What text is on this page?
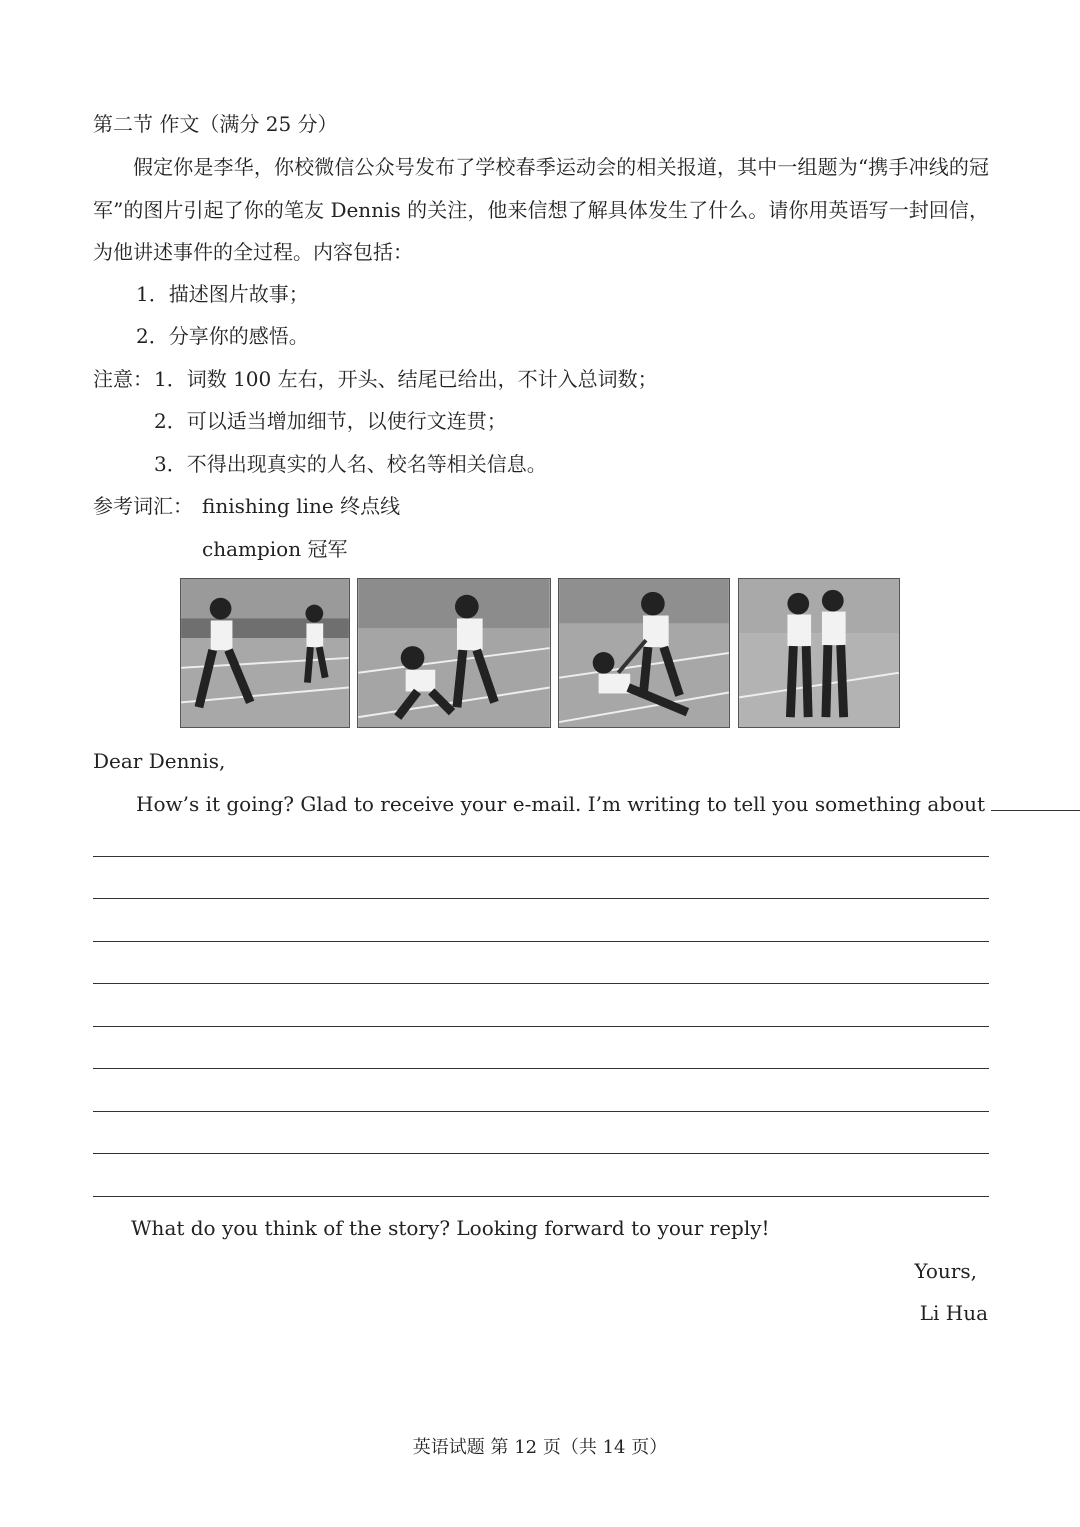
第二节 作文（满分 25 分）
假定你是李华，你校微信公众号发布了学校春季运动会的相关报道，其中一组题为“携手冲线的冠军”的图片引起了你的笔友 Dennis 的关注，他来信想了解具体发生了什么。请你用英语写一封回信，为他讲述事件的全过程。内容包括：
1．描述图片故事；
2．分享你的感悟。
注意： 1．词数 100 左右，开头、结尾已给出，不计入总词数；
2．可以适当增加细节，以使行文连贯；
3．不得出现真实的人名、校名等相关信息。
参考词汇： finishing line 终点线
champion 冠军
Dear Dennis,
How’s it going? Glad to receive your e-mail. I’m writing to tell you something about
What do you think of the story? Looking forward to your reply!
Yours,
Li Hua
英语试题 第 12 页（共 14 页）
